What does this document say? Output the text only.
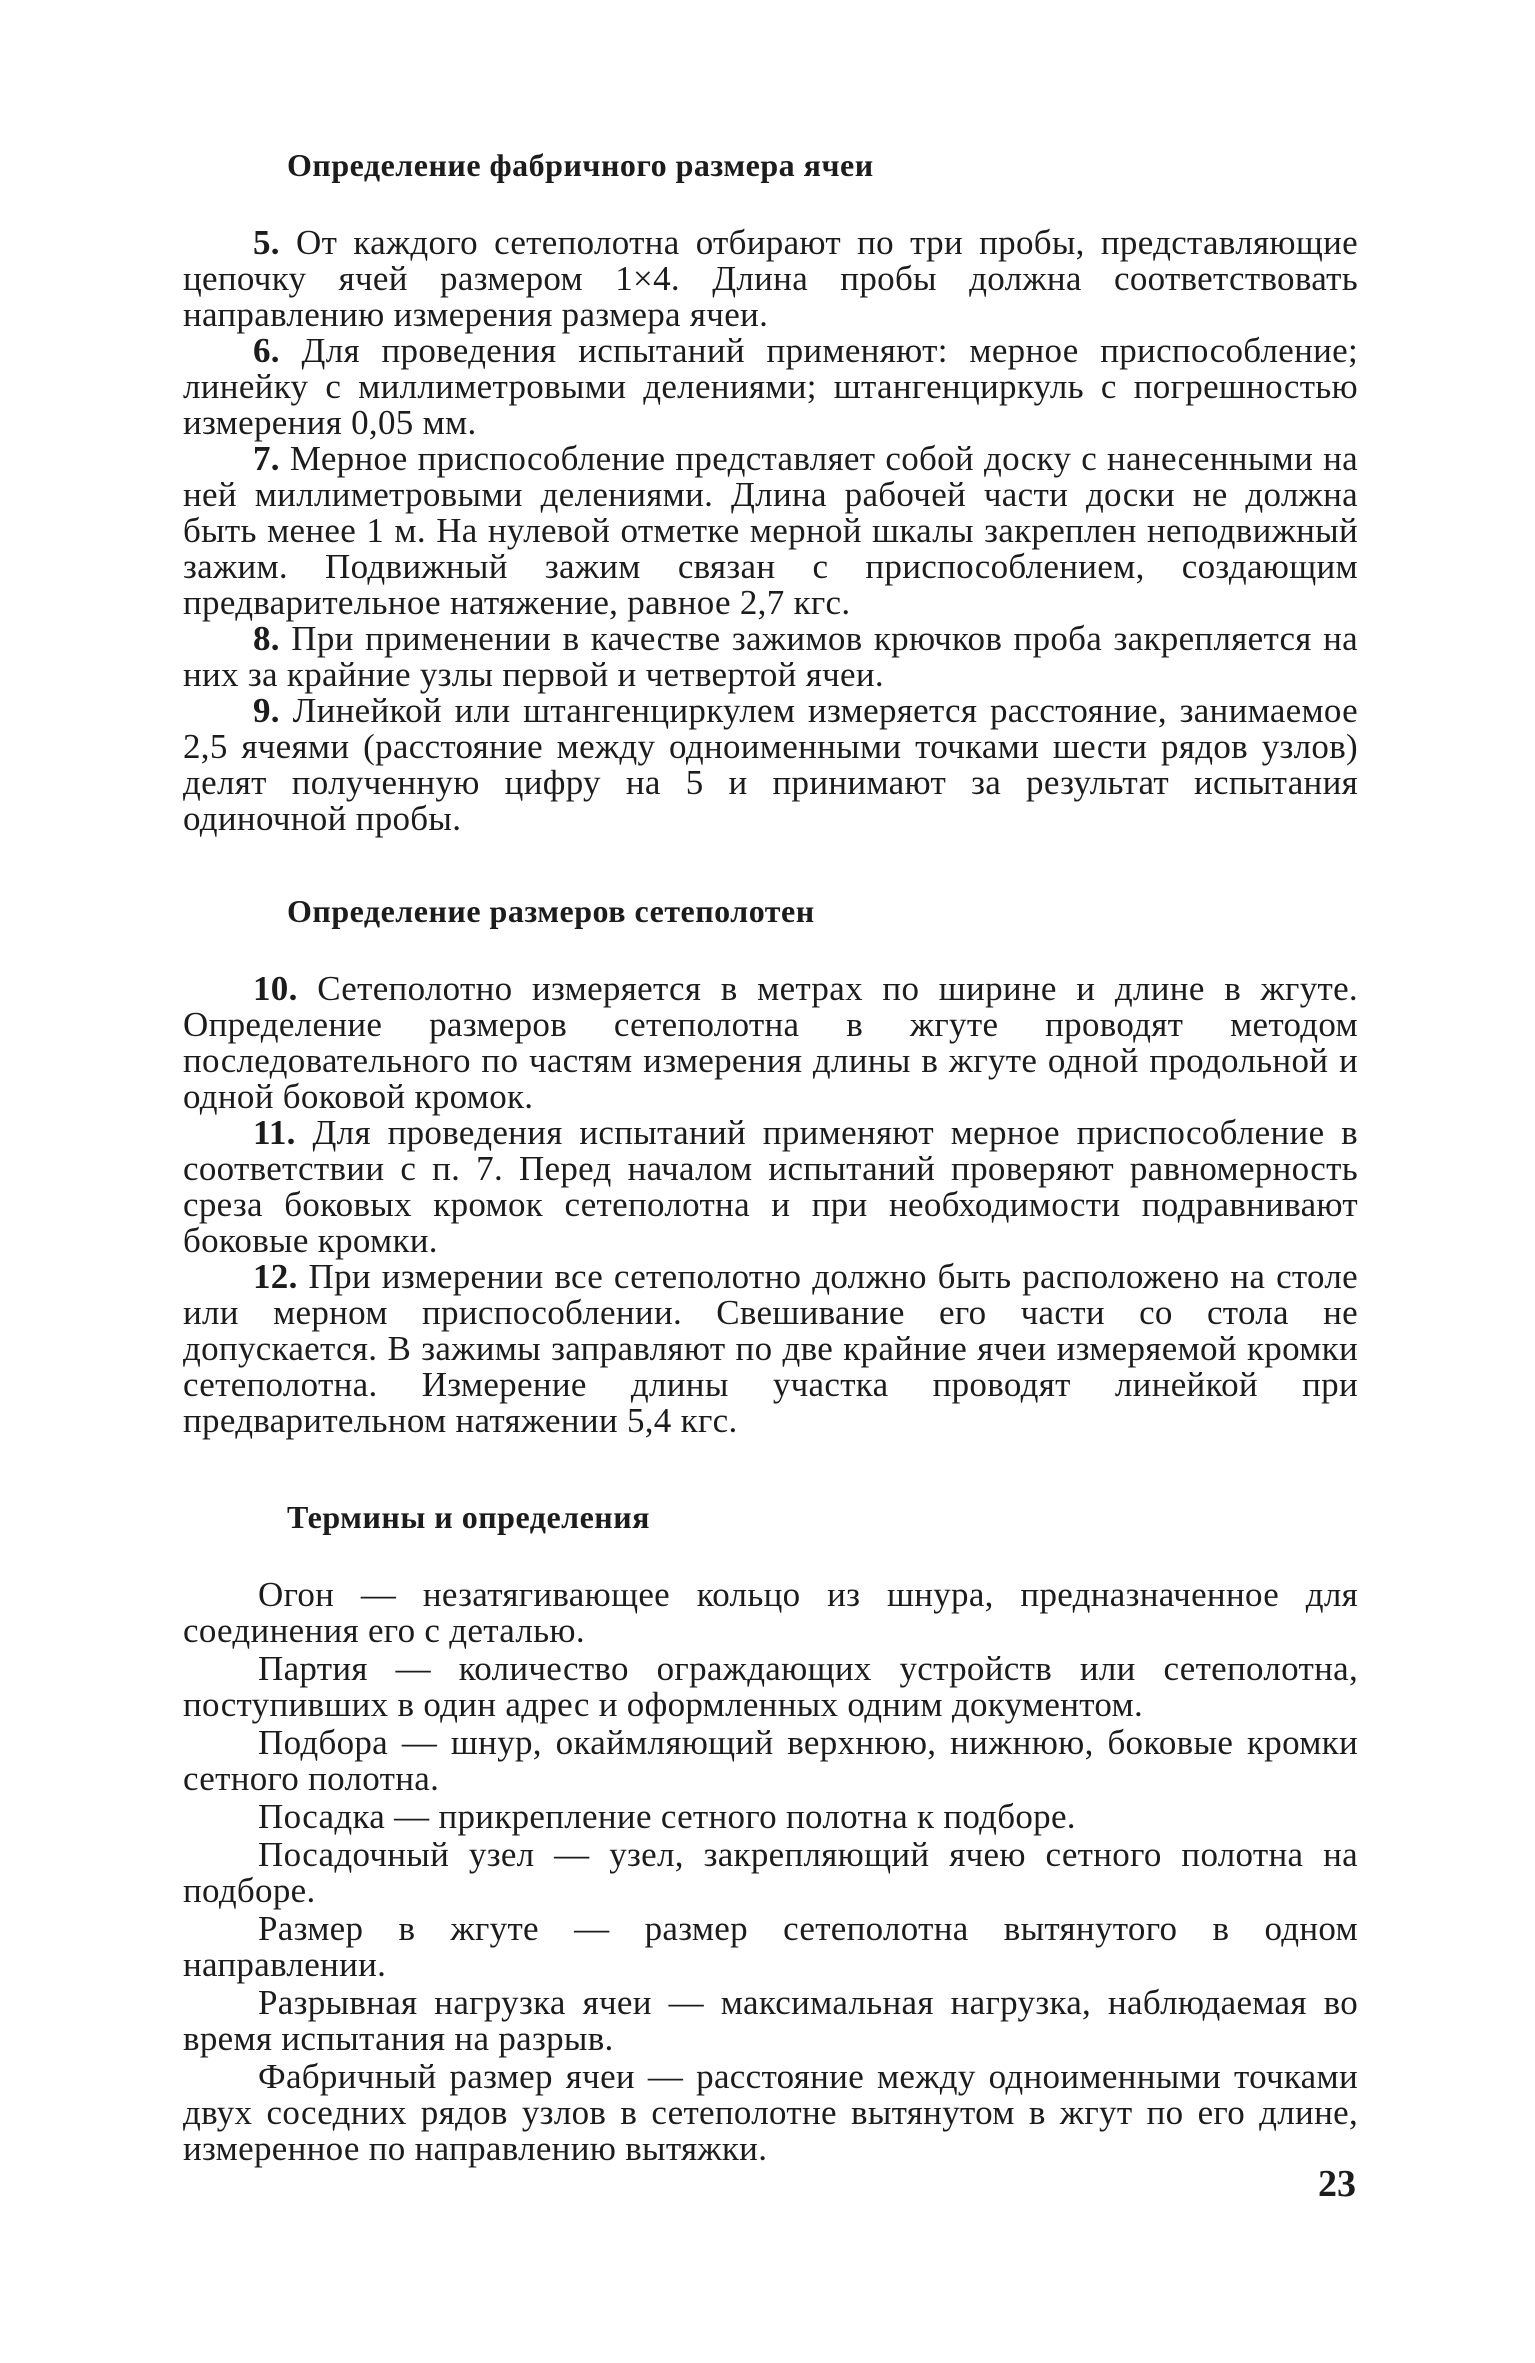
Определение фабричного размера ячеи

5. От каждого сетеполотна отбирают по три пробы, представляющие цепочку ячей размером 1×4. Длина пробы должна соответствовать направлению измерения размера ячеи.

6. Для проведения испытаний применяют: мерное приспособление; линейку с миллиметровыми делениями; штангенциркуль с погрешностью измерения 0,05 мм.

7. Мерное приспособление представляет собой доску с нанесенными на ней миллиметровыми делениями. Длина рабочей части доски не должна быть менее 1 м. На нулевой отметке мерной шкалы закреплен неподвижный зажим. Подвижный зажим связан с приспособлением, создающим предварительное натяжение, равное 2,7 кгс.

8. При применении в качестве зажимов крючков проба закрепляется на них за крайние узлы первой и четвертой ячеи.

9. Линейкой или штангенциркулем измеряется расстояние, занимаемое 2,5 ячеями (расстояние между одноименными точками шести рядов узлов) делят полученную цифру на 5 и принимают за результат испытания одиночной пробы.

Определение размеров сетеполотен

10. Сетеполотно измеряется в метрах по ширине и длине в жгуте. Определение размеров сетеполотна в жгуте проводят методом последовательного по частям измерения длины в жгуте одной продольной и одной боковой кромок.

11. Для проведения испытаний применяют мерное приспособление в соответствии с п. 7. Перед началом испытаний проверяют равномерность среза боковых кромок сетеполотна и при необходимости подравнивают боковые кромки.

12. При измерении все сетеполотно должно быть расположено на столе или мерном приспособлении. Свешивание его части со стола не допускается. В зажимы заправляют по две крайние ячеи измеряемой кромки сетеполотна. Измерение длины участка проводят линейкой при предварительном натяжении 5,4 кгс.

Термины и определения

Огон — незатягивающее кольцо из шнура, предназначенное для соединения его с деталью.

Партия — количество ограждающих устройств или сетеполотна, поступивших в один адрес и оформленных одним документом.

Подбора — шнур, окаймляющий верхнюю, нижнюю, боковые кромки сетного полотна.

Посадка — прикрепление сетного полотна к подборе.

Посадочный узел — узел, закрепляющий ячею сетного полотна на подборе.

Размер в жгуте — размер сетеполотна вытянутого в одном направлении.

Разрывная нагрузка ячеи — максимальная нагрузка, наблюдаемая во время испытания на разрыв.

Фабричный размер ячеи — расстояние между одноименными точками двух соседних рядов узлов в сетеполотне вытянутом в жгут по его длине, измеренное по направлению вытяжки.

23
